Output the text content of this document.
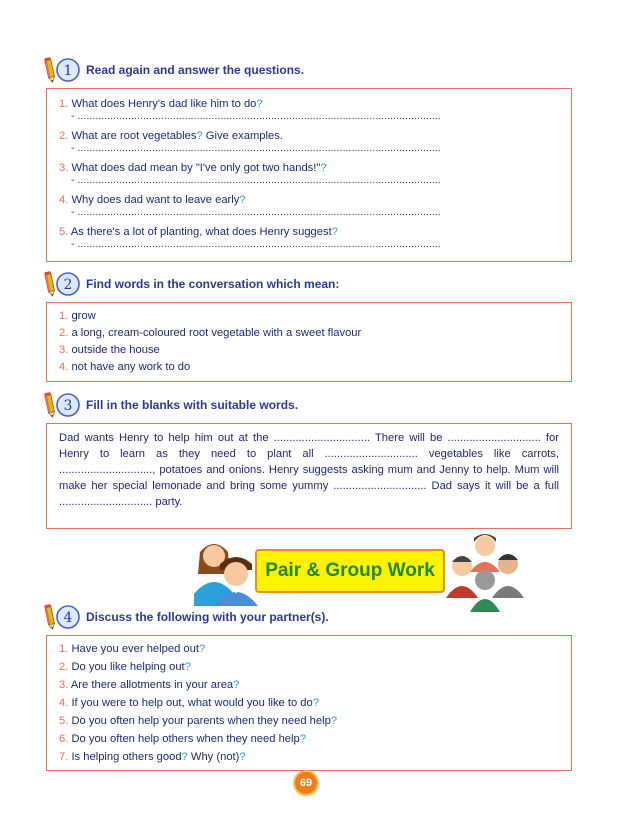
1 Read again and answer the questions.
1. What does Henry's dad like him to do?
- ..........................................................................................................................
2. What are root vegetables? Give examples.
- ..........................................................................................................................
3. What does dad mean by "I've only got two hands!"?
- ..........................................................................................................................
4. Why does dad want to leave early?
- ..........................................................................................................................
5. As there's a lot of planting, what does Henry suggest?
- ..........................................................................................................................
2 Find words in the conversation which mean:
1. grow
2. a long, cream-coloured root vegetable with a sweet flavour
3. outside the house
4. not have any work to do
3 Fill in the blanks with suitable words.
Dad wants Henry to help him out at the ............................... There will be .............................. for Henry to learn as they need to plant all .............................. vegetables like carrots, .............................., potatoes and onions. Henry suggests asking mum and Jenny to help. Mum will make her special lemonade and bring some yummy .............................. Dad says it will be a full .............................. party.
Pair & Group Work
4 Discuss the following with your partner(s).
1. Have you ever helped out?
2. Do you like helping out?
3. Are there allotments in your area?
4. If you were to help out, what would you like to do?
5. Do you often help your parents when they need help?
6. Do you often help others when they need help?
7. Is helping others good? Why (not)?
69
